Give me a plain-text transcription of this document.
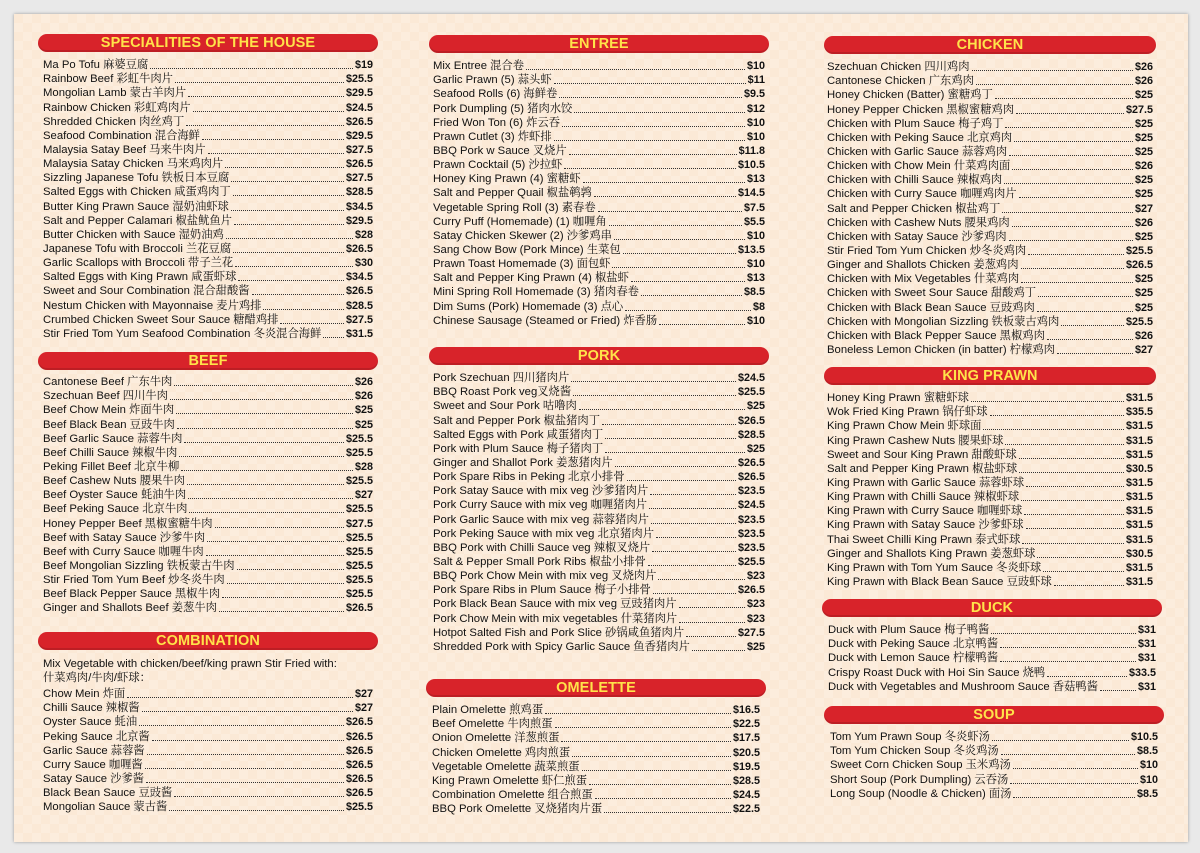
SPECIALITIES OF THE HOUSE
Ma Po Tofu 麻婆豆腐	$19
Rainbow Beef 彩虹牛肉片	$25.5
Mongolian Lamb 蒙古羊肉片	$29.5
Rainbow Chicken 彩虹鸡肉片	$24.5
Shredded Chicken 肉丝鸡丁	$26.5
Seafood Combination 混合海鲜	$29.5
Malaysia Satay Beef 马来牛肉片	$27.5
Malaysia Satay Chicken 马来鸡肉片	$26.5
Sizzling Japanese Tofu 铁板日本豆腐	$27.5
Salted Eggs with Chicken 咸蛋鸡肉丁	$28.5
Butter King Prawn Sauce 湿奶油虾球	$34.5
Salt and Pepper Calamari 椒盐鱿鱼片	$29.5
Butter Chicken with Sauce 湿奶油鸡	$28
Japanese Tofu with Broccoli 兰花豆腐	$26.5
Garlic Scallops with Broccoli 带子兰花	$30
Salted Eggs with King Prawn 咸蛋虾球	$34.5
Sweet and Sour Combination 混合甜酸酱	$26.5
Nestum Chicken with Mayonnaise 麦片鸡排	$28.5
Crumbed Chicken Sweet Sour Sauce 糖醋鸡排	$27.5
Stir Fried Tom Yum Seafood Combination 冬炎混合海鲜 $31.5
BEEF
Cantonese Beef 广东牛肉	$26
Szechuan Beef 四川牛肉	$26
Beef Chow Mein 炸面牛肉	$25
Beef Black Bean 豆豉牛肉	$25
Beef Garlic Sauce 蒜蓉牛肉	$25.5
Beef Chilli Sauce 辣椒牛肉	$25.5
Peking Fillet Beef 北京牛柳	$28
Beef Cashew Nuts 腰果牛肉	$25.5
Beef Oyster Sauce 蚝油牛肉	$27
Beef Peking Sauce 北京牛肉	$25.5
Honey Pepper Beef 黑椒蜜糖牛肉	$27.5
Beef with Satay Sauce 沙爹牛肉	$25.5
Beef with Curry Sauce 咖喱牛肉	$25.5
Beef Mongolian Sizzling 铁板蒙古牛肉	$25.5
Stir Fried Tom Yum Beef 炒冬炎牛肉	$25.5
Beef Black Pepper Sauce 黑椒牛肉	$25.5
Ginger and Shallots Beef 姜葱牛肉	$26.5
COMBINATION
Mix Vegetable with chicken/beef/king prawn Stir Fried with:
什菜鸡肉/牛肉/虾球：
Chow Mein 炸面	$27
Chilli Sauce 辣椒酱	$27
Oyster Sauce 蚝油	$26.5
Peking Sauce 北京酱	$26.5
Garlic Sauce 蒜蓉酱	$26.5
Curry Sauce 咖喱酱	$26.5
Satay Sauce 沙爹酱	$26.5
Black Bean Sauce 豆豉酱	$26.5
Mongolian Sauce 蒙古酱	$25.5
ENTREE
Mix Entree 混合卷	$10
Garlic Prawn (5) 蒜头虾	$11
Seafood Rolls (6) 海鲜卷	$9.5
Pork Dumpling (5) 猪肉水饺	$12
Fried Won Ton (6) 炸云吞	$10
Prawn Cutlet (3) 炸虾排	$10
BBQ Pork w Sauce 叉烧片	$11.8
Prawn Cocktail (5) 沙拉虾	$10.5
Honey King Prawn (4) 蜜糖虾	$13
Salt and Pepper Quail 椒盐鹌鹑	$14.5
Vegetable Spring Roll (3) 素春卷	$7.5
Curry Puff (Homemade) (1) 咖喱角	$5.5
Satay Chicken Skewer (2) 沙爹鸡串	$10
Sang Chow Bow (Pork Mince) 生菜包	$13.5
Prawn Toast Homemade (3) 面包虾	$10
Salt and Pepper King Prawn (4) 椒盐虾	$13
Mini Spring Roll Homemade (3) 猪肉春卷	$8.5
Dim Sums (Pork) Homemade (3) 点心	$8
Chinese Sausage (Steamed or Fried) 炸香肠	$10
PORK
Pork Szechuan 四川猪肉片	$24.5
BBQ Roast Pork veg叉烧酱	$25.5
Sweet and Sour Pork 咕噜肉	$25
Salt and Pepper Pork 椒盐猪肉丁	$26.5
Salted Eggs with Pork 咸蛋猪肉丁	$28.5
Pork with Plum Sauce 梅子猪肉丁	$25
Ginger and Shallot Pork 姜葱猪肉片	$26.5
Pork Spare Ribs in Peking 北京小排骨	$26.5
Pork Satay Sauce with mix veg 沙爹猪肉片	$23.5
Pork Curry Sauce with mix veg 咖喱猪肉片	$24.5
Pork Garlic Sauce with mix veg 蒜蓉猪肉片	$23.5
Pork Peking Sauce with mix veg 北京猪肉片	$23.5
BBQ Pork with Chilli Sauce veg 辣椒叉烧片	$23.5
Salt & Pepper Small Pork Ribs 椒盐小排骨	$25.5
BBQ Pork Chow Mein with mix veg 叉烧肉片	$23
Pork Spare Ribs in Plum Sauce 梅子小排骨	$26.5
Pork Black Bean Sauce with mix veg 豆豉猪肉片	$23
Pork Chow Mein with mix vegetables 什菜猪肉片	$23
Hotpot Salted Fish and Pork Slice 砂锅咸鱼猪肉片	$27.5
Shredded Pork with Spicy Garlic Sauce 鱼香猪肉片	$25
OMELETTE
Plain Omelette 煎鸡蛋	$16.5
Beef Omelette 牛肉煎蛋	$22.5
Onion Omelette 洋葱煎蛋	$17.5
Chicken Omelette 鸡肉煎蛋	$20.5
Vegetable Omelette 蔬菜煎蛋	$19.5
King Prawn Omelette 虾仁煎蛋	$28.5
Combination Omelette 组合煎蛋	$24.5
BBQ Pork Omelette 叉烧猪肉片蛋	$22.5
CHICKEN
Szechuan Chicken 四川鸡肉	$26
Cantonese Chicken 广东鸡肉	$26
Honey Chicken (Batter) 蜜糖鸡丁	$25
Honey Pepper Chicken 黑椒蜜糖鸡肉	$27.5
Chicken with Plum Sauce 梅子鸡丁	$25
Chicken with Peking Sauce 北京鸡肉	$25
Chicken with Garlic Sauce 蒜蓉鸡肉	$25
Chicken with Chow Mein 什菜鸡肉面	$26
Chicken with Chilli Sauce 辣椒鸡肉	$25
Chicken with Curry Sauce 咖喱鸡肉片	$25
Salt and Pepper Chicken 椒盐鸡丁	$27
Chicken with Cashew Nuts 腰果鸡肉	$26
Chicken with Satay Sauce 沙爹鸡肉	$25
Stir Fried Tom Yum Chicken 炒冬炎鸡肉	$25.5
Ginger and Shallots Chicken 姜葱鸡肉	$26.5
Chicken with Mix Vegetables 什菜鸡肉	$25
Chicken with Sweet Sour Sauce 甜酸鸡丁	$25
Chicken with Black Bean Sauce 豆豉鸡肉	$25
Chicken with Mongolian Sizzling 铁板蒙古鸡肉	$25.5
Chicken with Black Pepper Sauce 黑椒鸡肉	$26
Boneless Lemon Chicken (in batter) 柠檬鸡肉	$27
KING PRAWN
Honey King Prawn 蜜糖虾球	$31.5
Wok Fried King Prawn 锅仔虾球	$35.5
King Prawn Chow Mein 虾球面	$31.5
King Prawn Cashew Nuts 腰果虾球	$31.5
Sweet and Sour King Prawn 甜酸虾球	$31.5
Salt and Pepper King Prawn 椒盐虾球	$30.5
King Prawn with Garlic Sauce 蒜蓉虾球	$31.5
King Prawn with Chilli Sauce 辣椒虾球	$31.5
King Prawn with Curry Sauce 咖喱虾球	$31.5
King Prawn with Satay Sauce 沙爹虾球	$31.5
Thai Sweet Chilli King Prawn 泰式虾球	$31.5
Ginger and Shallots King Prawn 姜葱虾球	$30.5
King Prawn with Tom Yum Sauce 冬炎虾球	$31.5
King Prawn with Black Bean Sauce 豆豉虾球	$31.5
DUCK
Duck with Plum Sauce 梅子鸭酱	$31
Duck with Peking Sauce 北京鸭酱	$31
Duck with Lemon Sauce 柠檬鸭酱	$31
Crispy Roast Duck with Hoi Sin Sauce 烧鸭	$33.5
Duck with Vegetables and Mushroom Sauce 香菇鸭酱	$31
SOUP
Tom Yum Prawn Soup 冬炎虾汤	$10.5
Tom Yum Chicken Soup 冬炎鸡汤	$8.5
Sweet Corn Chicken Soup 玉米鸡汤	$10
Short Soup (Pork Dumpling) 云吞汤	$10
Long Soup (Noodle & Chicken) 面汤	$8.5
